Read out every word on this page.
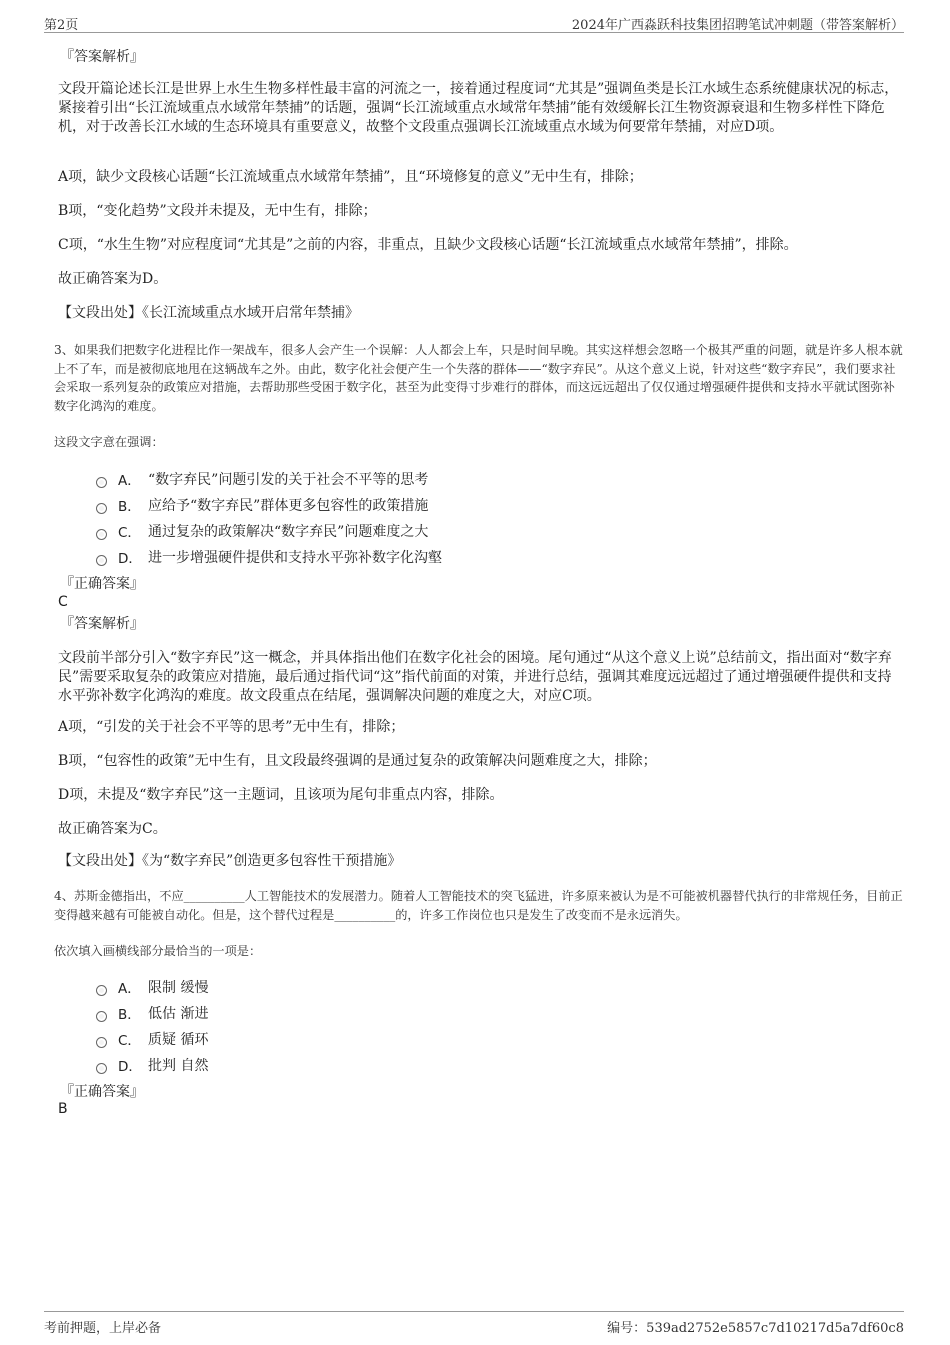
第2页	2024年广西淼跃科技集团招聘笔试冲刺题（带答案解析）
『答案解析』
文段开篇论述长江是世界上水生生物多样性最丰富的河流之一，接着通过程度词“尤其是”强调鱼类是长江水域生态系统健康状况的标志，紧接着引出“长江流域重点水域常年禁捕”的话题，强调“长江流域重点水域常年禁捕”能有效缓解长江生物资源衰退和生物多样性下降危机，对于改善长江水域的生态环境具有重要意义，故整个文段重点强调长江流域重点水域为何要常年禁捕，对应D项。
A项，缺少文段核心话题“长江流域重点水域常年禁捕”，且“环境修复的意义”无中生有，排除；
B项，“变化趋势”文段并未提及，无中生有，排除；
C项，“水生生物”对应程度词“尤其是”之前的内容，非重点，且缺少文段核心话题“长江流域重点水域常年禁捕”，排除。
故正确答案为D。
【文段出处】《长江流域重点水域开启常年禁捕》
3、如果我们把数字化进程比作一架战车，很多人会产生一个误解：人人都会上车，只是时间早晚。其实这样想会忽略一个极其严重的问题，就是许多人根本就上不了车，而是被彻底地甩在这辆战车之外。由此，数字化社会便产生一个失落的群体——“数字弃民”。从这个意义上说，针对这些“数字弃民”，我们要求社会采取一系列复杂的政策应对措施，去帮助那些受困于数字化，甚至为此变得寸步难行的群体，而这远远超出了仅仅通过增强硬件提供和支持水平就试图弥补数字化鸿沟的难度。
这段文字意在强调：
A． “数字弃民”问题引发的关于社会不平等的思考
B． 应给予“数字弃民”群体更多包容性的政策措施
C． 通过复杂的政策解决“数字弃民”问题难度之大
D． 进一步增强硬件提供和支持水平弥补数字化沟壑
『正确答案』
C
『答案解析』
文段前半部分引入“数字弃民”这一概念，并具体指出他们在数字化社会的困境。尾句通过“从这个意义上说”总结前文，指出面对“数字弃民”需要采取复杂的政策应对措施，最后通过指代词“这”指代前面的对策，并进行总结，强调其难度远远超过了通过增强硬件提供和支持水平弥补数字化鸿沟的难度。故文段重点在结尾，强调解决问题的难度之大，对应C项。
A项，“引发的关于社会不平等的思考”无中生有，排除；
B项，“包容性的政策”无中生有，且文段最终强调的是通过复杂的政策解决问题难度之大，排除；
D项，未提及“数字弃民”这一主题词，且该项为尾句非重点内容，排除。
故正确答案为C。
【文段出处】《为“数字弃民”创造更多包容性干预措施》
4、苏斯金德指出，不应__________人工智能技术的发展潜力。随着人工智能技术的突飞猛进，许多原来被认为是不可能被机器替代执行的非常规任务，目前正变得越来越有可能被自动化。但是，这个替代过程是__________的，许多工作岗位也只是发生了改变而不是永远消失。
依次填入画横线部分最恰当的一项是：
A． 限制 缓慢
B． 低估 渐进
C． 质疑 循环
D． 批判 自然
『正确答案』
B
考前押题，上岸必备	编号：539ad2752e5857c7d10217d5a7df60c8
